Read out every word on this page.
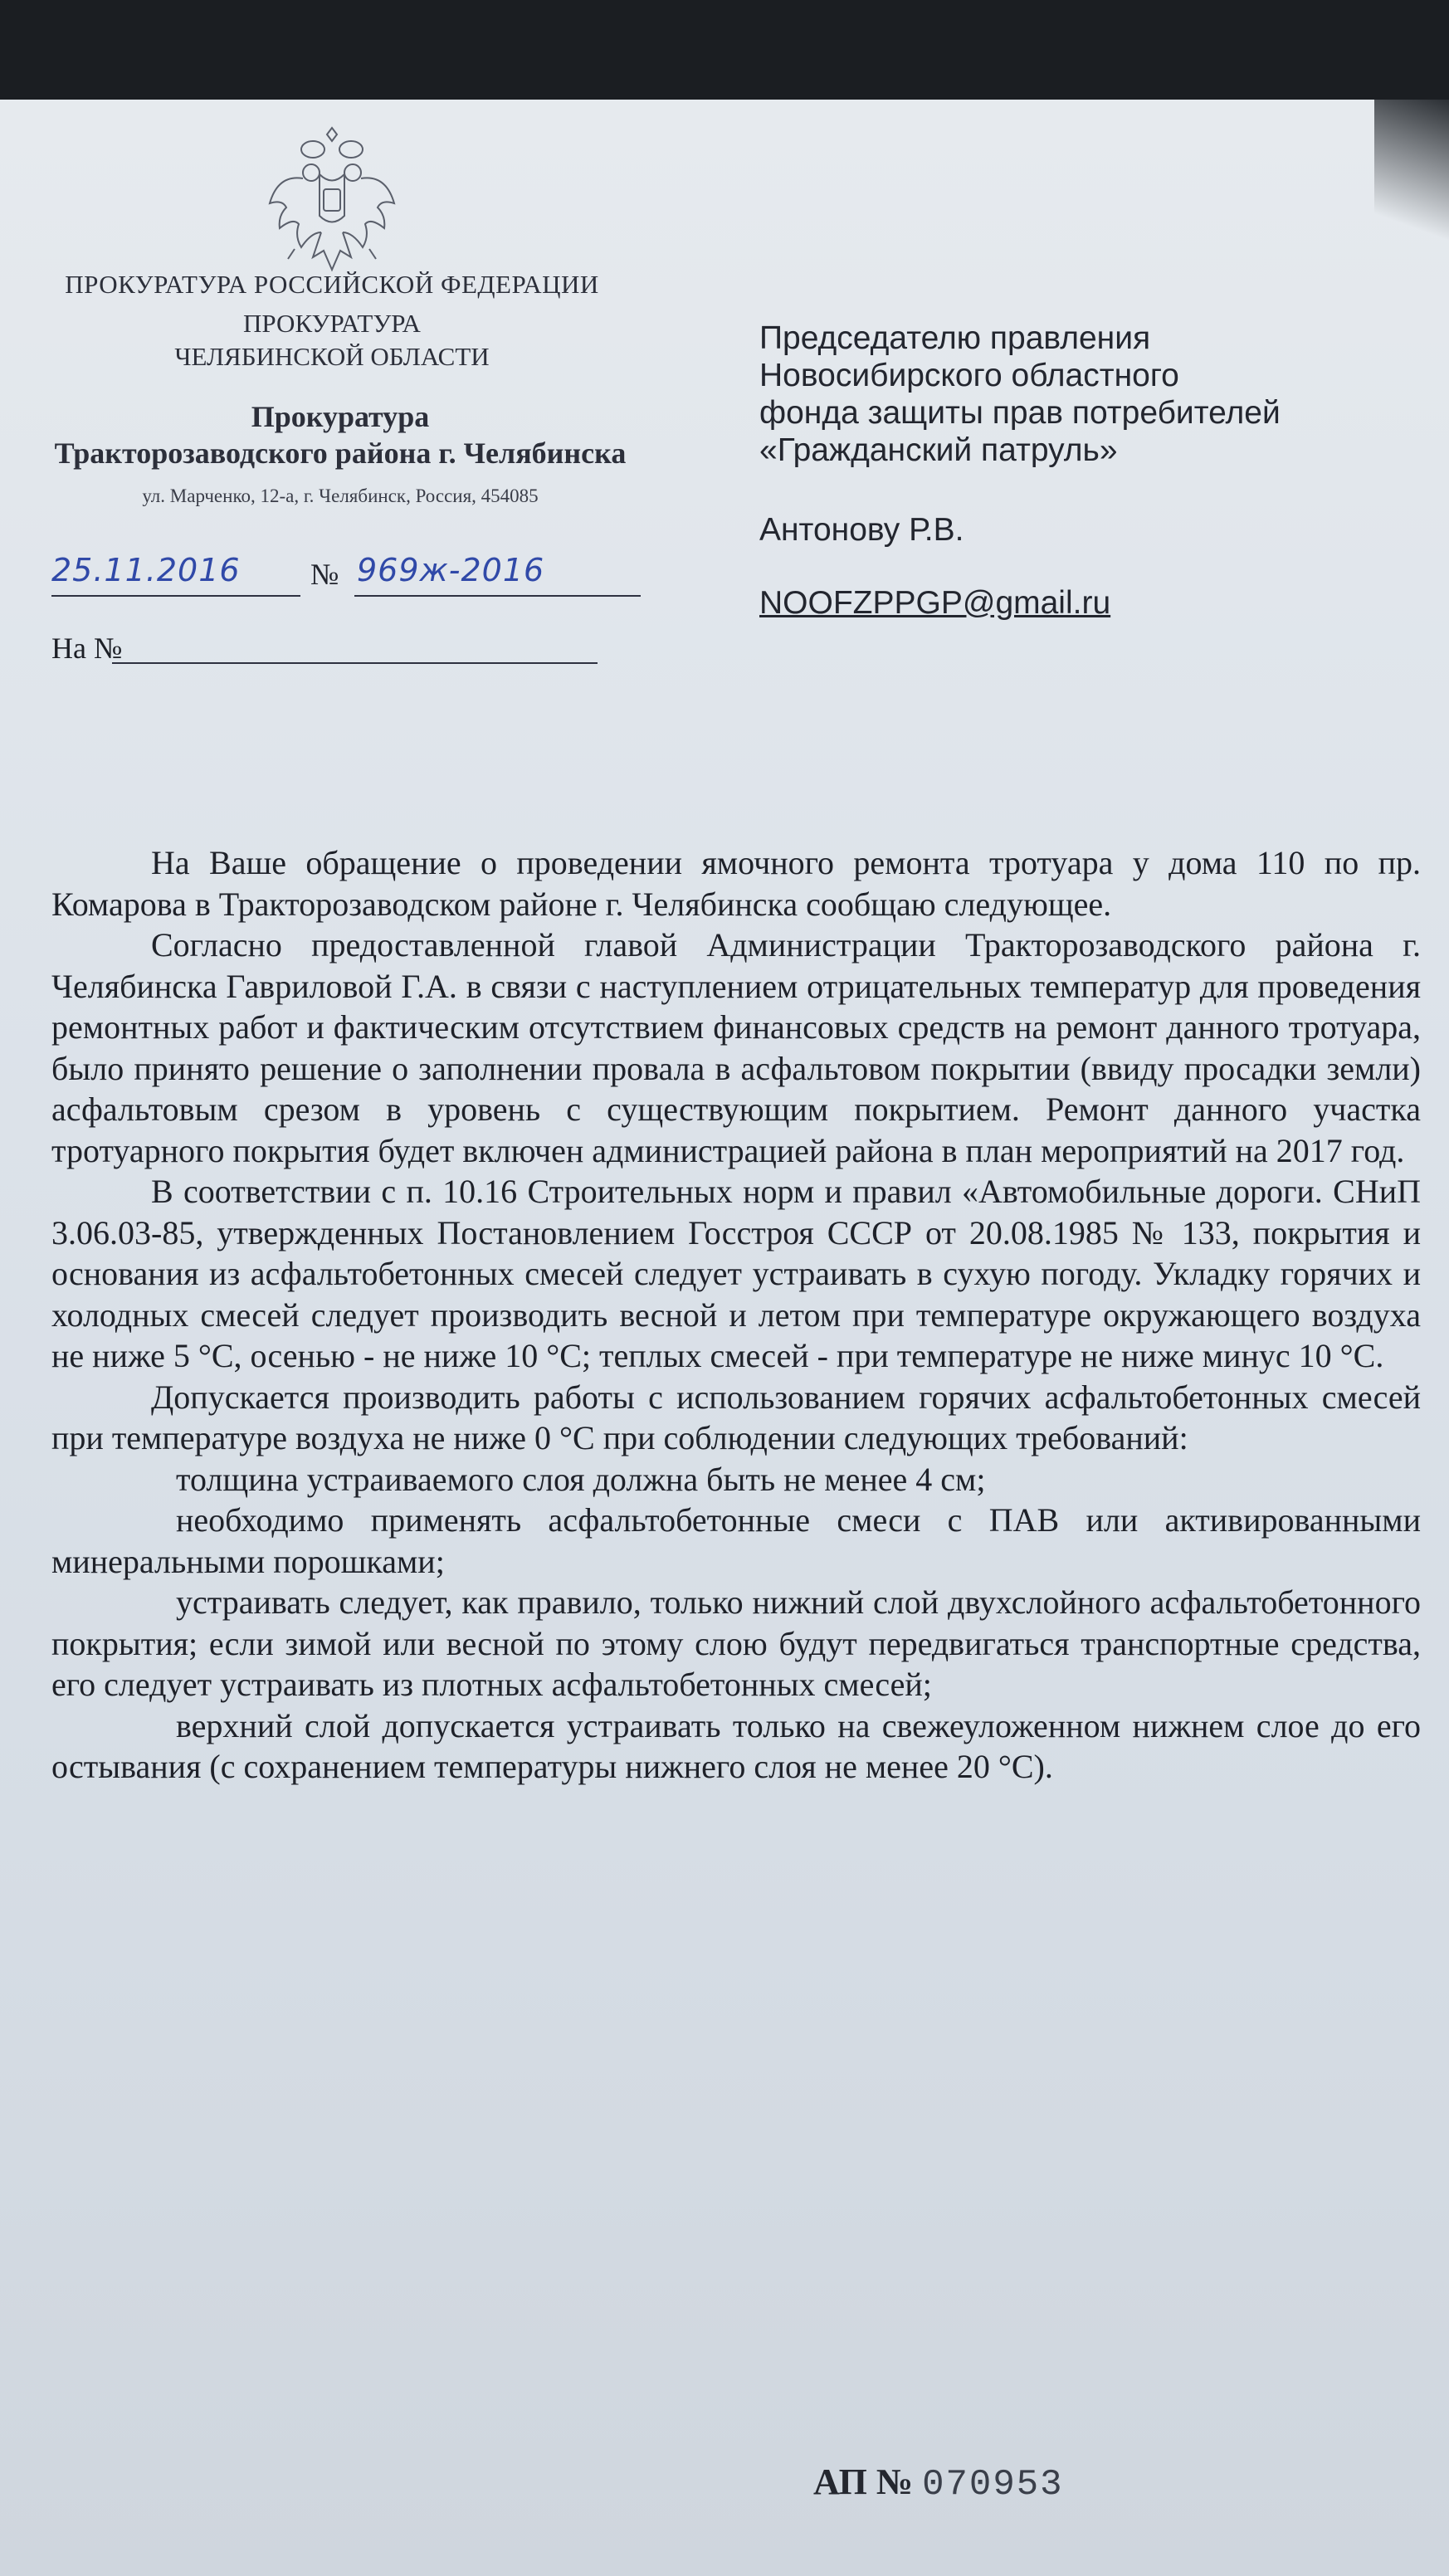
ПРОКУРАТУРА РОССИЙСКОЙ ФЕДЕРАЦИИ
ПРОКУРАТУРА
ЧЕЛЯБИНСКОЙ ОБЛАСТИ
Прокуратура
Тракторозаводского района г. Челябинска
ул. Марченко, 12-а, г. Челябинск, Россия, 454085
25.11.2016 № 969ж-2016
На №
Председателю правления
Новосибирского областного
фонда защиты прав потребителей
«Гражданский патруль»
Антонову Р.В.
NOOFZPPGP@gmail.ru

На Ваше обращение о проведении ямочного ремонта тротуара у дома 110 по пр. Комарова в Тракторозаводском районе г. Челябинска сообщаю следующее.

Согласно предоставленной главой Администрации Тракторозаводского района г. Челябинска Гавриловой Г.А. в связи с наступлением отрицательных температур для проведения ремонтных работ и фактическим отсутствием финансовых средств на ремонт данного тротуара, было принято решение о заполнении провала в асфальтовом покрытии (ввиду просадки земли) асфальтовым срезом в уровень с существующим покрытием. Ремонт данного участка тротуарного покрытия будет включен администрацией района в план мероприятий на 2017 год.

В соответствии с п. 10.16 Строительных норм и правил «Автомобильные дороги. СНиП 3.06.03-85, утвержденных Постановлением Госстроя СССР от 20.08.1985 № 133, покрытия и основания из асфальтобетонных смесей следует устраивать в сухую погоду. Укладку горячих и холодных смесей следует производить весной и летом при температуре окружающего воздуха не ниже 5 °С, осенью - не ниже 10 °С; теплых смесей - при температуре не ниже минус 10 °С.

Допускается производить работы с использованием горячих асфальтобетонных смесей при температуре воздуха не ниже 0 °С при соблюдении следующих требований:

толщина устраиваемого слоя должна быть не менее 4 см;

необходимо применять асфальтобетонные смеси с ПАВ или активированными минеральными порошками;

устраивать следует, как правило, только нижний слой двухслойного асфальтобетонного покрытия; если зимой или весной по этому слою будут передвигаться транспортные средства, его следует устраивать из плотных асфальтобетонных смесей;

верхний слой допускается устраивать только на свежеуложенном нижнем слое до его остывания (с сохранением температуры нижнего слоя не менее 20 °С).

АП № 070953
